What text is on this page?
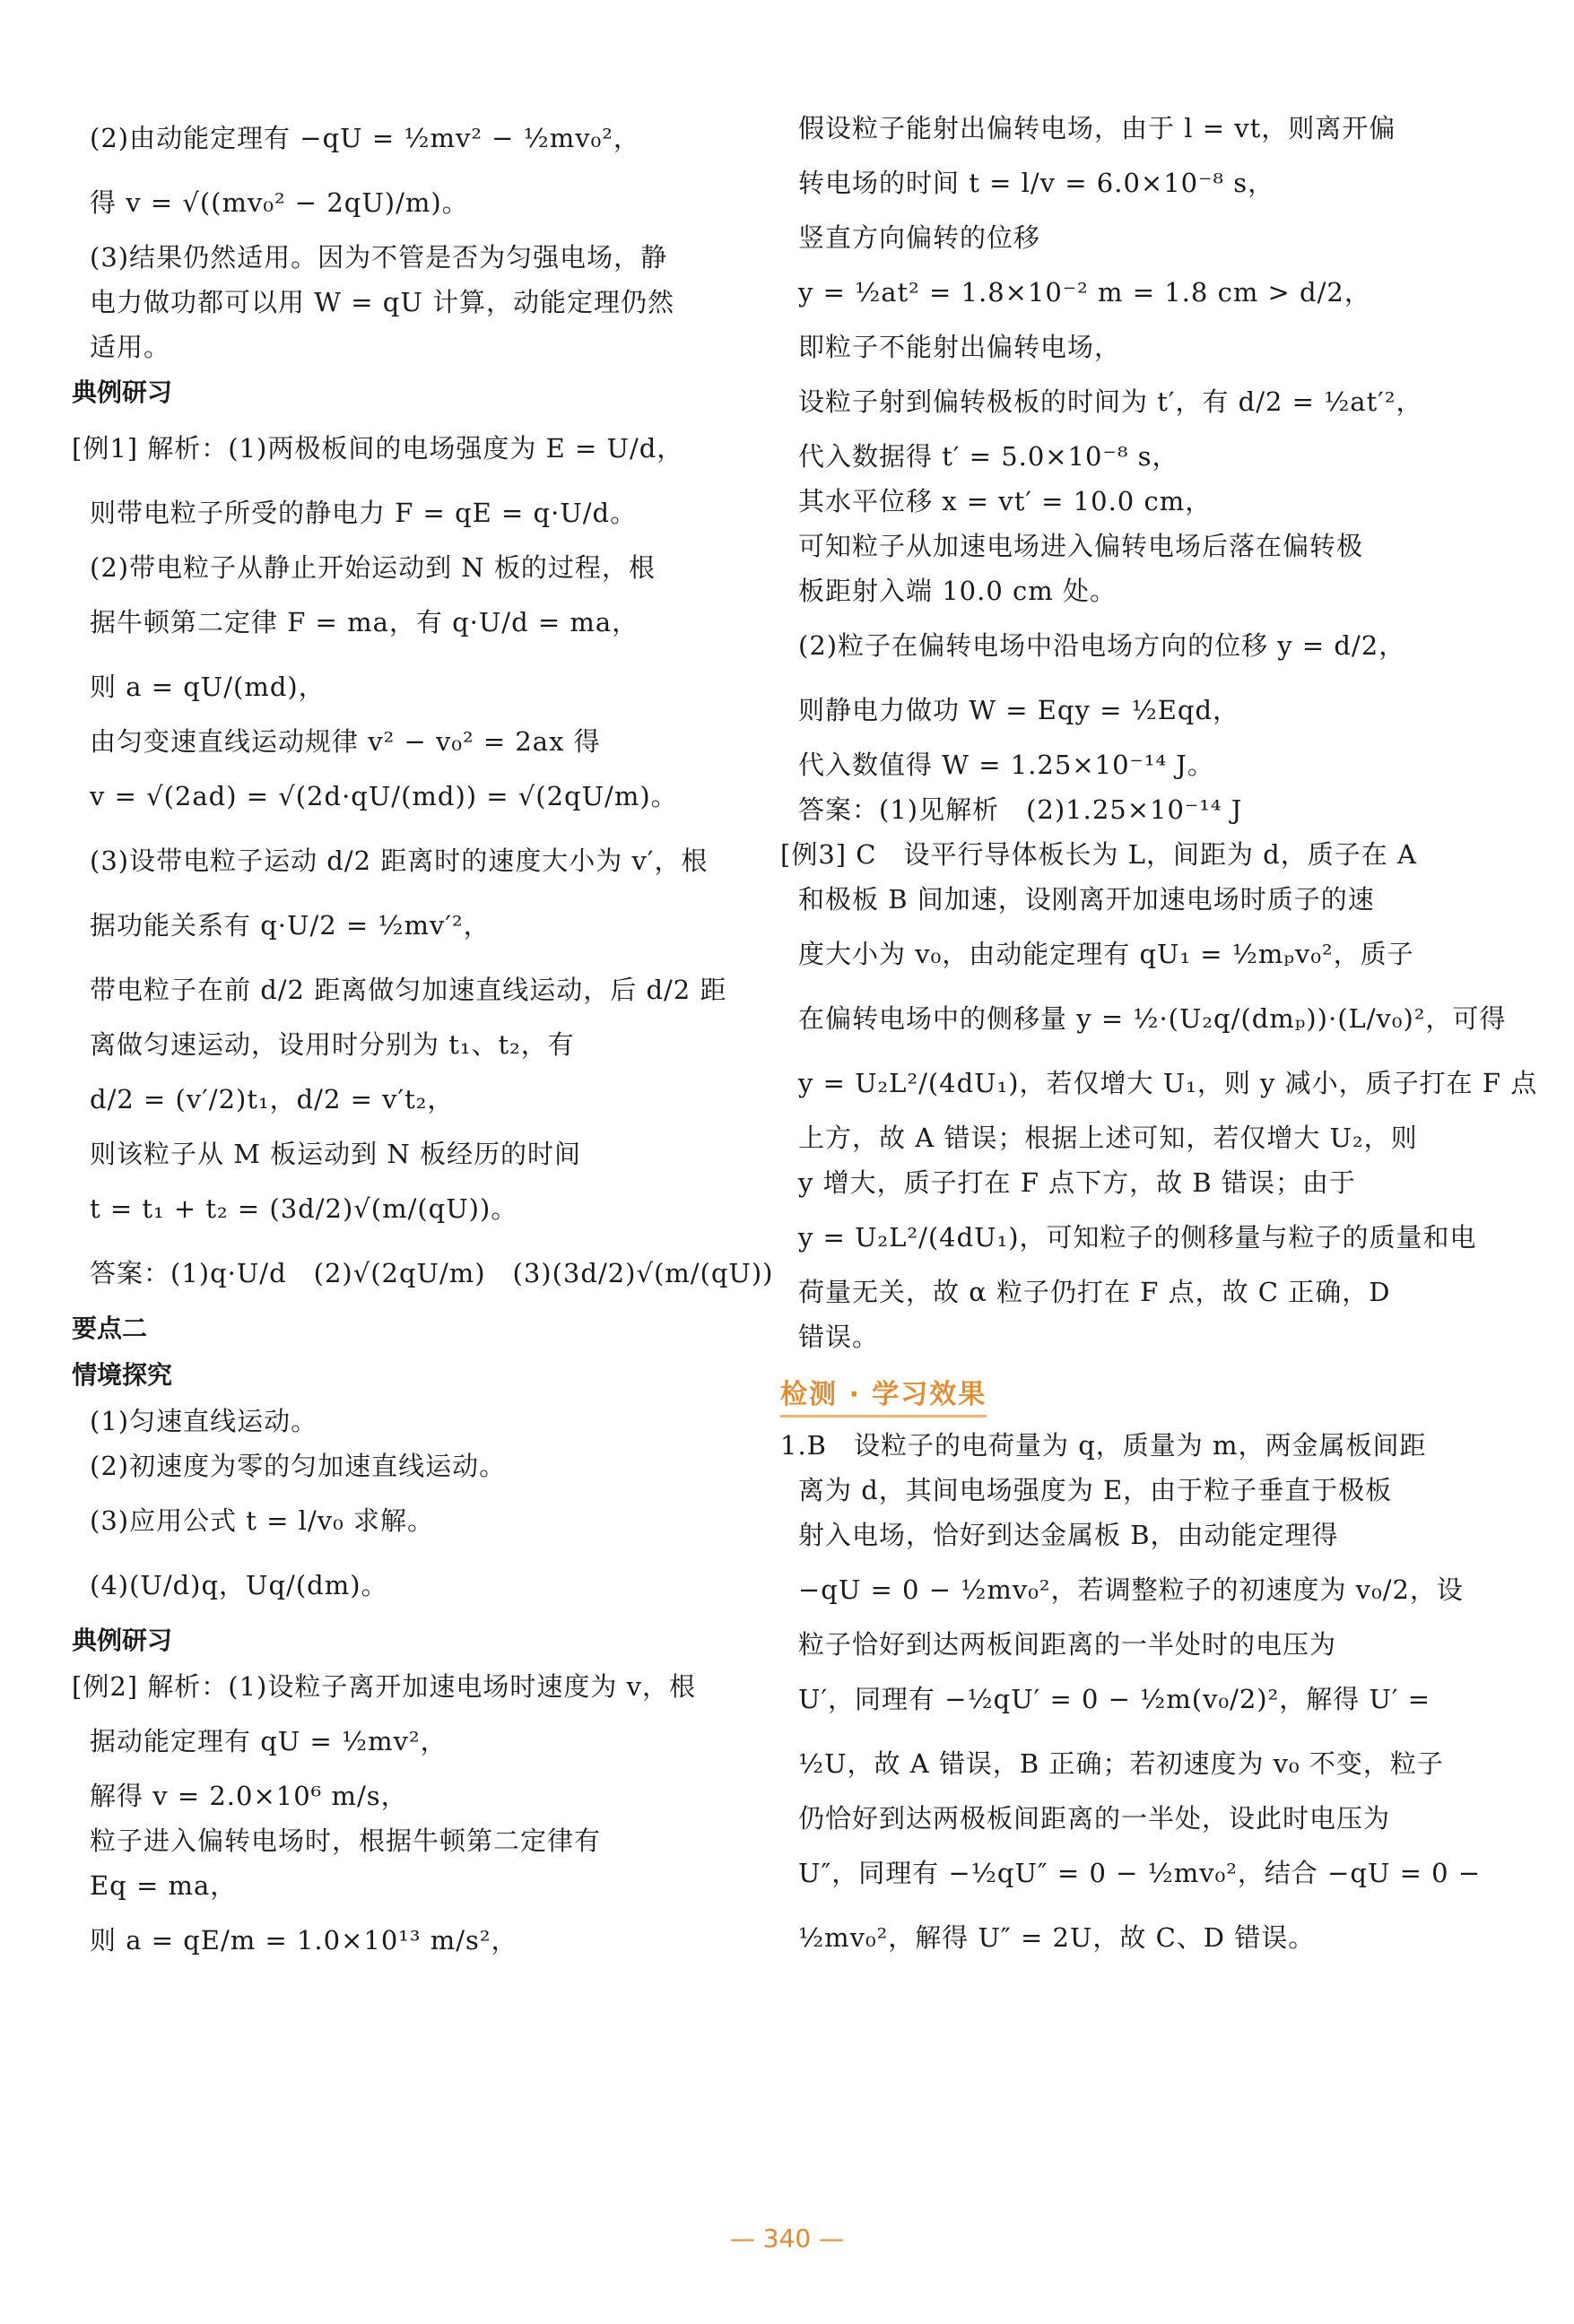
(2)由动能定理有 −qU = ½mv² − ½mv₀²，

得 v = √((mv₀² − 2qU)/m)。

(3)结果仍然适用。因为不管是否为匀强电场，静

电力做功都可以用 W = qU 计算，动能定理仍然

适用。

典例研习

[例1] 解析：(1)两极板间的电场强度为 E = U/d，

则带电粒子所受的静电力 F = qE = q·U/d。

(2)带电粒子从静止开始运动到 N 板的过程，根

据牛顿第二定律 F = ma，有 q·U/d = ma，

则 a = qU/(md)，

由匀变速直线运动规律 v² − v₀² = 2ax 得

v = √(2ad) = √(2d·qU/(md)) = √(2qU/m)。

(3)设带电粒子运动 d/2 距离时的速度大小为 v′，根

据功能关系有 q·U/2 = ½mv′²，

带电粒子在前 d/2 距离做匀加速直线运动，后 d/2 距

离做匀速运动，设用时分别为 t₁、t₂，有

d/2 = (v′/2)t₁，d/2 = v′t₂，

则该粒子从 M 板运动到 N 板经历的时间

t = t₁ + t₂ = (3d/2)√(m/(qU))。

答案：(1)q·U/d　(2)√(2qU/m)　(3)(3d/2)√(m/(qU))

要点二

情境探究

(1)匀速直线运动。

(2)初速度为零的匀加速直线运动。

(3)应用公式 t = l/v₀ 求解。

(4)(U/d)q，Uq/(dm)。

典例研习

[例2] 解析：(1)设粒子离开加速电场时速度为 v，根

据动能定理有 qU = ½mv²，

解得 v = 2.0×10⁶ m/s，

粒子进入偏转电场时，根据牛顿第二定律有

Eq = ma，

则 a = qE/m = 1.0×10¹³ m/s²，

假设粒子能射出偏转电场，由于 l = vt，则离开偏

转电场的时间 t = l/v = 6.0×10⁻⁸ s，

竖直方向偏转的位移

y = ½at² = 1.8×10⁻² m = 1.8 cm > d/2，

即粒子不能射出偏转电场，

设粒子射到偏转极板的时间为 t′，有 d/2 = ½at′²，

代入数据得 t′ = 5.0×10⁻⁸ s，

其水平位移 x = vt′ = 10.0 cm，

可知粒子从加速电场进入偏转电场后落在偏转极

板距射入端 10.0 cm 处。

(2)粒子在偏转电场中沿电场方向的位移 y = d/2，

则静电力做功 W = Eqy = ½Eqd，

代入数值得 W = 1.25×10⁻¹⁴ J。

答案：(1)见解析　(2)1.25×10⁻¹⁴ J

[例3] C　设平行导体板长为 L，间距为 d，质子在 A

和极板 B 间加速，设刚离开加速电场时质子的速

度大小为 v₀，由动能定理有 qU₁ = ½mₚv₀²，质子

在偏转电场中的侧移量 y = ½·(U₂q/(dmₚ))·(L/v₀)²，可得

y = U₂L²/(4dU₁)，若仅增大 U₁，则 y 减小，质子打在 F 点

上方，故 A 错误；根据上述可知，若仅增大 U₂，则

y 增大，质子打在 F 点下方，故 B 错误；由于

y = U₂L²/(4dU₁)，可知粒子的侧移量与粒子的质量和电

荷量无关，故 α 粒子仍打在 F 点，故 C 正确，D

错误。

检测 · 学习效果

1.B　设粒子的电荷量为 q，质量为 m，两金属板间距

离为 d，其间电场强度为 E，由于粒子垂直于极板

射入电场，恰好到达金属板 B，由动能定理得

−qU = 0 − ½mv₀²，若调整粒子的初速度为 v₀/2，设

粒子恰好到达两板间距离的一半处时的电压为

U′，同理有 −½qU′ = 0 − ½m(v₀/2)²，解得 U′ =

½U，故 A 错误，B 正确；若初速度为 v₀ 不变，粒子

仍恰好到达两极板间距离的一半处，设此时电压为

U″，同理有 −½qU″ = 0 − ½mv₀²，结合 −qU = 0 −

½mv₀²，解得 U″ = 2U，故 C、D 错误。

— 340 —
